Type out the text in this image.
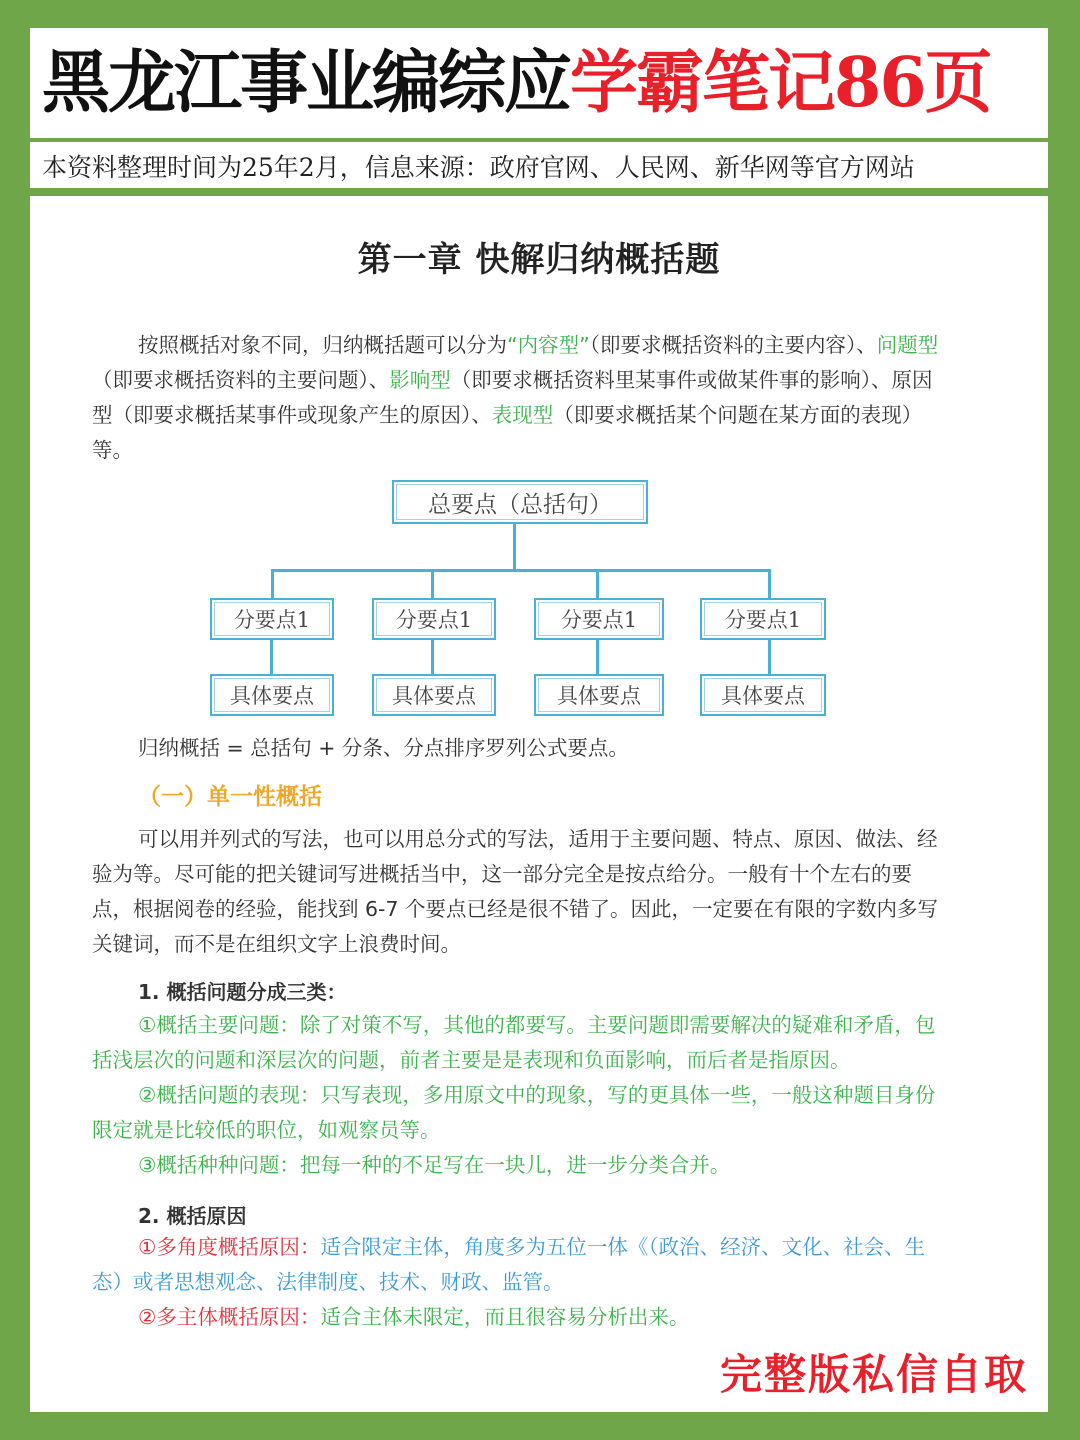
黑龙江事业编综应学霸笔记86页
本资料整理时间为25年2月，信息来源：政府官网、人民网、新华网等官方网站
第一章 快解归纳概括题

按照概括对象不同，归纳概括题可以分为“内容型”（即要求概括资料的主要内容）、问题型（即要求概括资料的主要问题）、影响型（即要求概括资料里某事件或做某件事的影响）、原因型（即要求概括某事件或现象产生的原因）、表现型（即要求概括某个问题在某方面的表现）等。

总要点（总括句）
分要点1	分要点1	分要点1	分要点1
具体要点	具体要点	具体要点	具体要点

归纳概括 = 总括句 + 分条、分点排序罗列公式要点。

（一）单一性概括

可以用并列式的写法，也可以用总分式的写法，适用于主要问题、特点、原因、做法、经验为等。尽可能的把关键词写进概括当中，这一部分完全是按点给分。一般有十个左右的要点，根据阅卷的经验，能找到 6-7 个要点已经是很不错了。因此，一定要在有限的字数内多写关键词，而不是在组织文字上浪费时间。

1. 概括问题分成三类：

①概括主要问题：除了对策不写，其他的都要写。主要问题即需要解决的疑难和矛盾，包括浅层次的问题和深层次的问题，前者主要是是表现和负面影响，而后者是指原因。

②概括问题的表现：只写表现，多用原文中的现象，写的更具体一些，一般这种题目身份限定就是比较低的职位，如观察员等。

③概括种种问题：把每一种的不足写在一块儿，进一步分类合并。

2. 概括原因

①多角度概括原因：适合限定主体，角度多为五位一体《（政治、经济、文化、社会、生态）或者思想观念、法律制度、技术、财政、监管。

②多主体概括原因：适合主体未限定，而且很容易分析出来。

完整版私信自取
